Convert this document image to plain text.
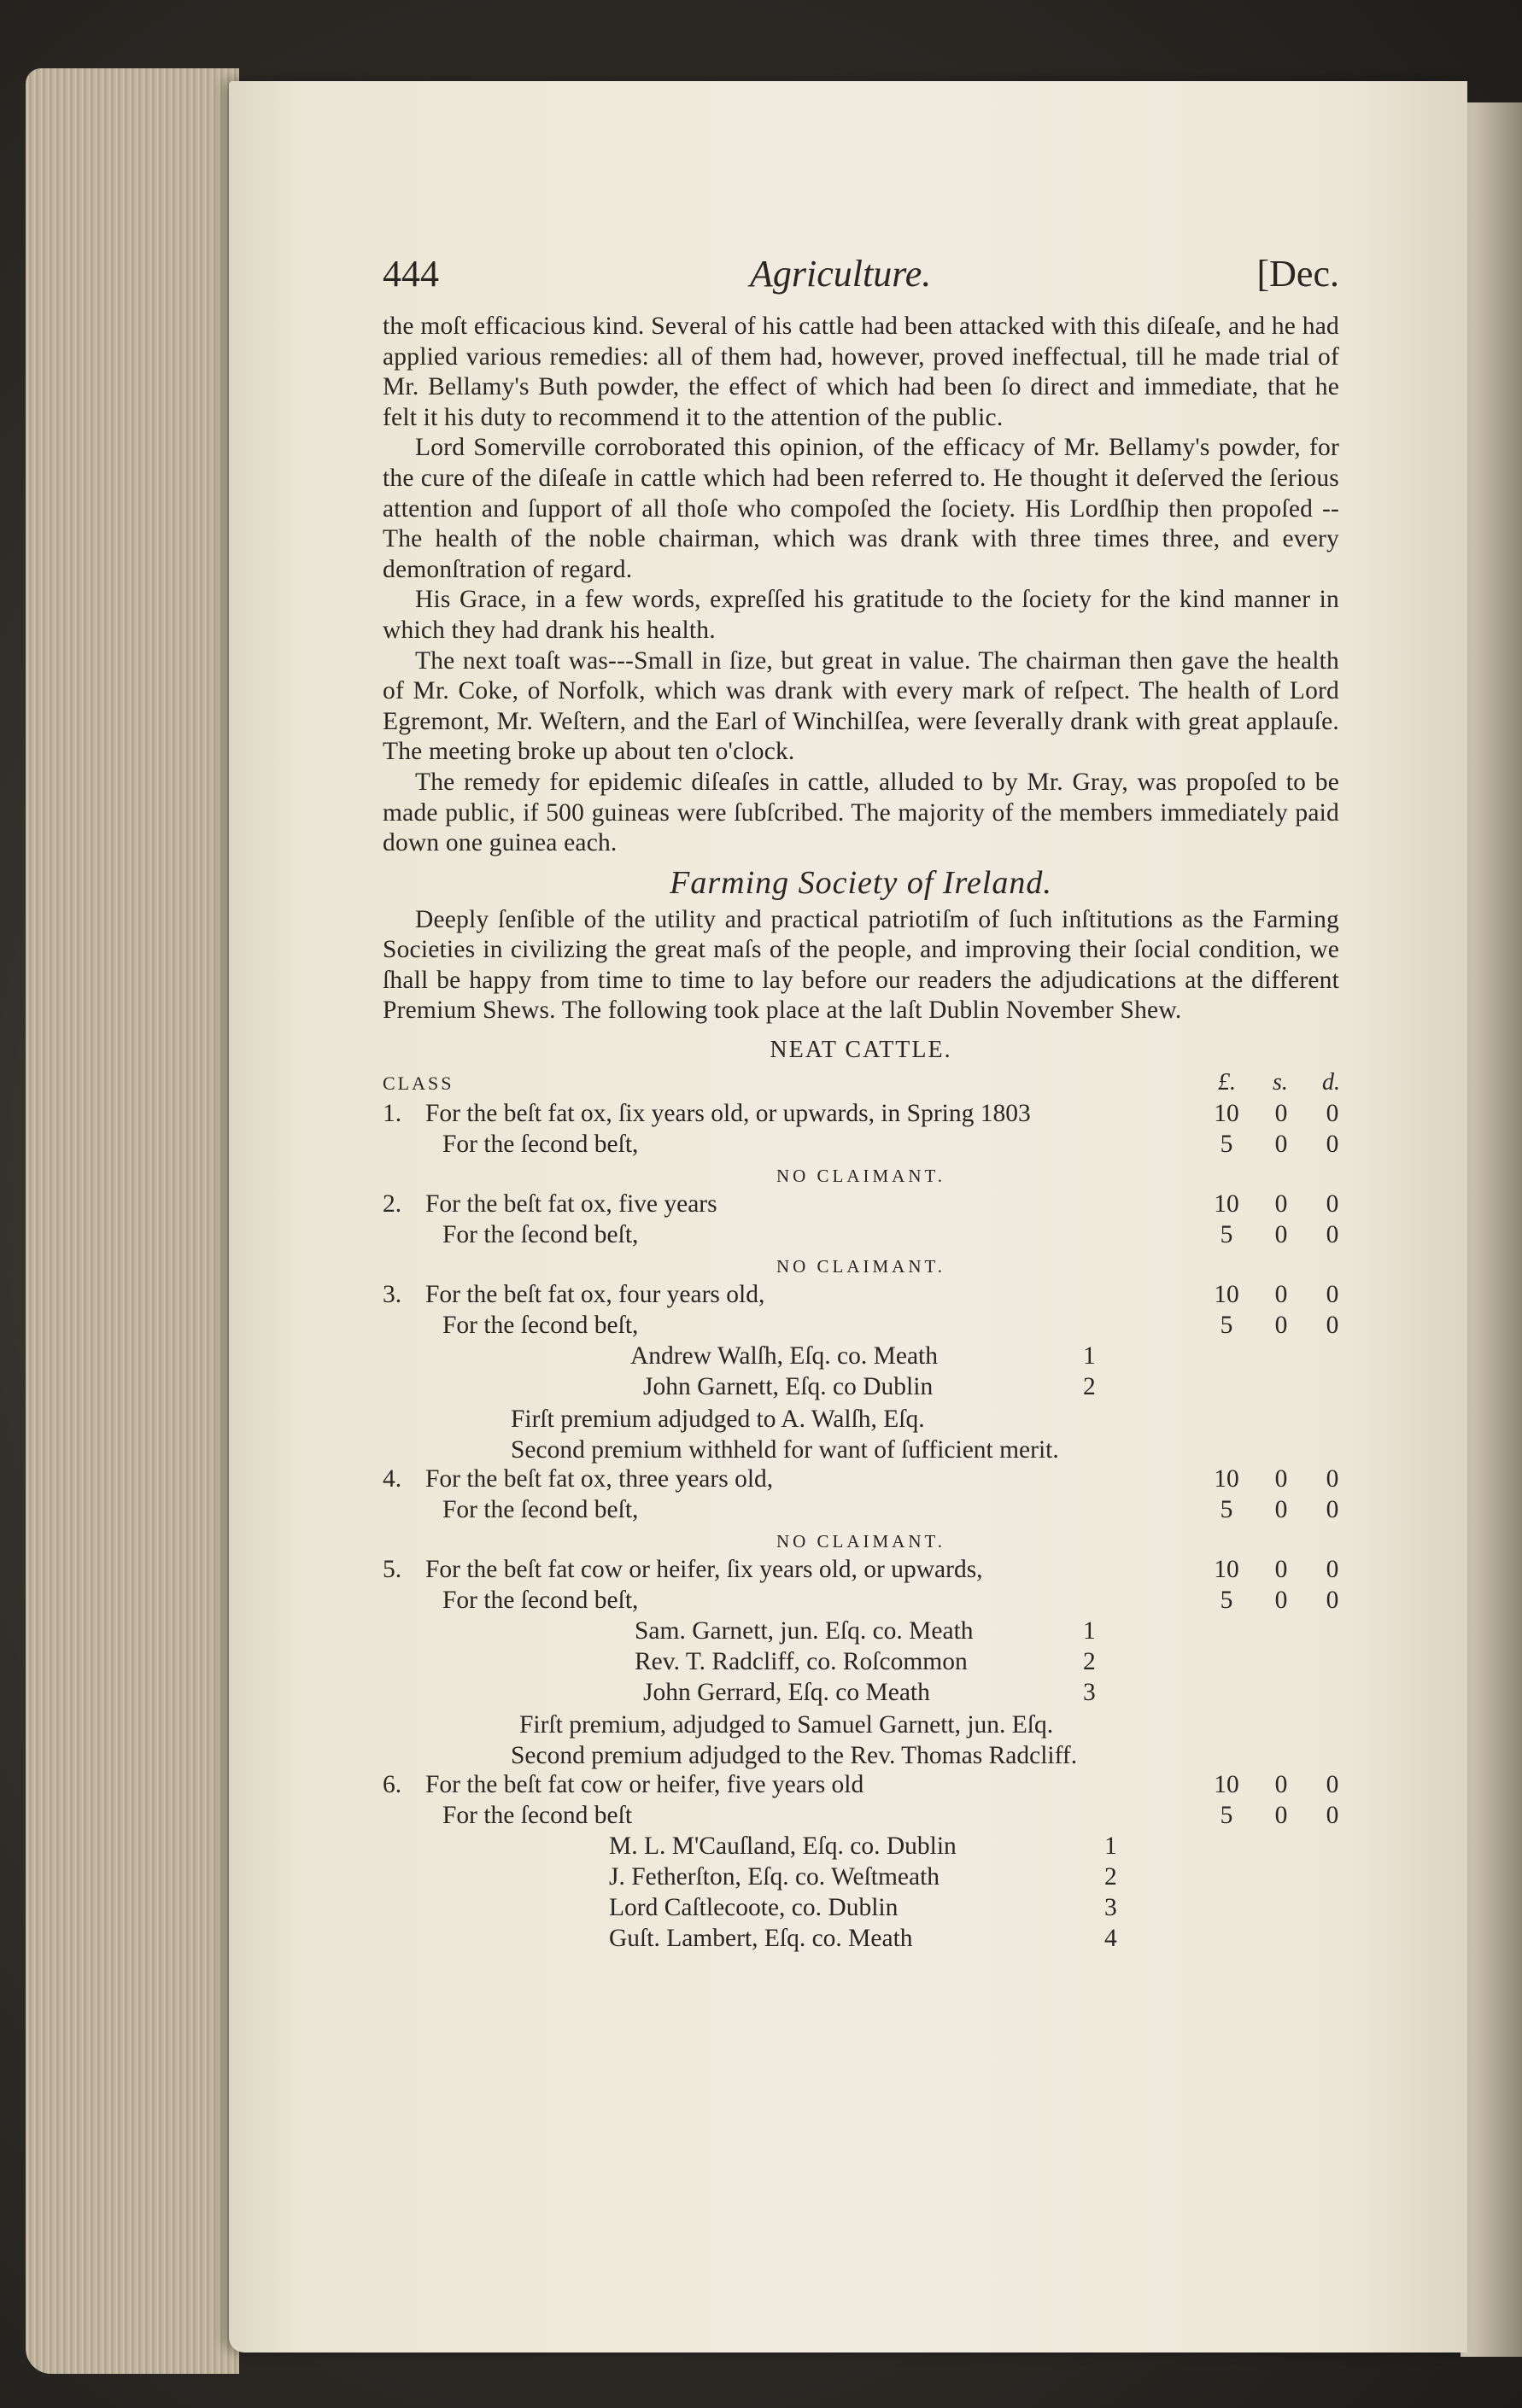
444	Agriculture.	[Dec.

the moſt efficacious kind. Several of his cattle had been attacked with this diſeaſe, and he had applied various remedies: all of them had, however, proved ineffectual, till he made trial of Mr. Bellamy's Buth powder, the effect of which had been ſo direct and immediate, that he felt it his duty to recommend it to the attention of the public.

Lord Somerville corroborated this opinion, of the efficacy of Mr. Bellamy's powder, for the cure of the diſeaſe in cattle which had been referred to. He thought it deſerved the ſerious attention and ſupport of all thoſe who compoſed the ſociety. His Lordſhip then propoſed --The health of the noble chairman, which was drank with three times three, and every demonſtration of regard.

His Grace, in a few words, expreſſed his gratitude to the ſociety for the kind manner in which they had drank his health.

The next toaſt was---Small in ſize, but great in value. The chairman then gave the health of Mr. Coke, of Norfolk, which was drank with every mark of reſpect. The health of Lord Egremont, Mr. Weſtern, and the Earl of Winchilſea, were ſeverally drank with great applauſe. The meeting broke up about ten o'clock.

The remedy for epidemic diſeaſes in cattle, alluded to by Mr. Gray, was propoſed to be made public, if 500 guineas were ſubſcribed. The majority of the members immediately paid down one guinea each.

Farming Society of Ireland.

Deeply ſenſible of the utility and practical patriotiſm of ſuch inſtitutions as the Farming Societies in civilizing the great maſs of the people, and improving their ſocial condition, we ſhall be happy from time to time to lay before our readers the adjudications at the different Premium Shews. The following took place at the laſt Dublin November Shew.

NEAT CATTLE.
CLASS	£. s. d.
1. For the beſt fat ox, ſix years old, or upwards, in Spring 1803	10	0	0
For the ſecond beſt,	5	0	0
NO CLAIMANT.
2. For the beſt fat ox, five years	10	0	0
For the ſecond beſt,	5	0	0
NO CLAIMANT.
3. For the beſt fat ox, four years old,	10	0	0
For the ſecond beſt,	5	0	0
Andrew Walſh, Eſq. co. Meath	1
John Garnett, Eſq. co Dublin	2
Firſt premium adjudged to A. Walſh, Eſq.
Second premium withheld for want of ſufficient merit.
4. For the beſt fat ox, three years old,	10	0	0
For the ſecond beſt,	5	0	0
NO CLAIMANT.
5. For the beſt fat cow or heifer, ſix years old, or upwards,	10	0	0
For the ſecond beſt,	5	0	0
Sam. Garnett, jun. Eſq. co. Meath	1
Rev. T. Radcliff, co. Roſcommon	2
John Gerrard, Eſq. co Meath	3
Firſt premium, adjudged to Samuel Garnett, jun. Eſq.
Second premium adjudged to the Rev. Thomas Radcliff.
6. For the beſt fat cow or heifer, five years old	10	0	0
For the ſecond beſt	5	0	0
M. L. M'Cauſland, Eſq. co. Dublin	1
J. Fetherſton, Eſq. co. Weſtmeath	2
Lord Caſtlecoote, co. Dublin	3
Guſt. Lambert, Eſq. co. Meath	4
